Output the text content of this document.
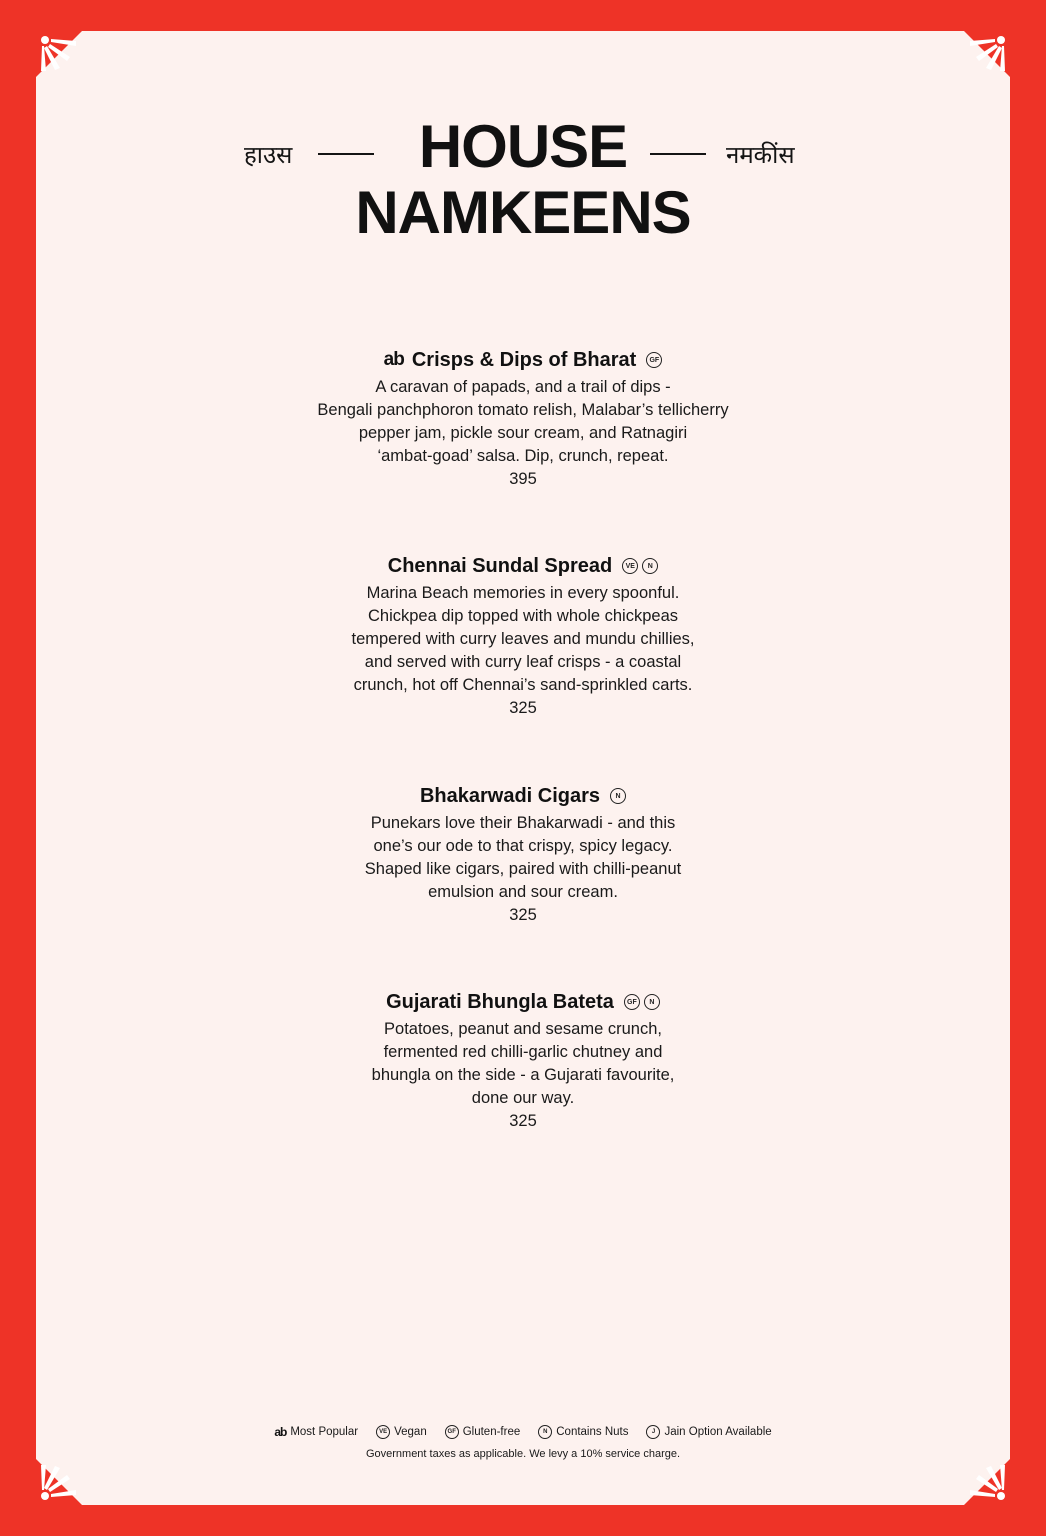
हाउस	HOUSE
NAMKEENS
नमकींस
ab Crisps & Dips of Bharat	GF
A caravan of papads, and a trail of dips -
Bengali panchphoron tomato relish, Malabar’s tellicherry
pepper jam, pickle sour cream, and Ratnagiri
‘ambat-goad’ salsa. Dip, crunch, repeat.
395
Chennai Sundal Spread	VE	N
Marina Beach memories in every spoonful.
Chickpea dip topped with whole chickpeas
tempered with curry leaves and mundu chillies,
and served with curry leaf crisps - a coastal
crunch, hot off Chennai’s sand-sprinkled carts.
325
Bhakarwadi Cigars	N
Punekars love their Bhakarwadi - and this
one’s our ode to that crispy, spicy legacy.
Shaped like cigars, paired with chilli-peanut
emulsion and sour cream.
325
Gujarati Bhungla Bateta	GF	N
Potatoes, peanut and sesame crunch,
fermented red chilli-garlic chutney and
bhungla on the side - a Gujarati favourite,
done our way.
325
ab Most Popular	VE Vegan	GF Gluten-free	N Contains Nuts	J Jain Option Available
Government taxes as applicable. We levy a 10% service charge.
